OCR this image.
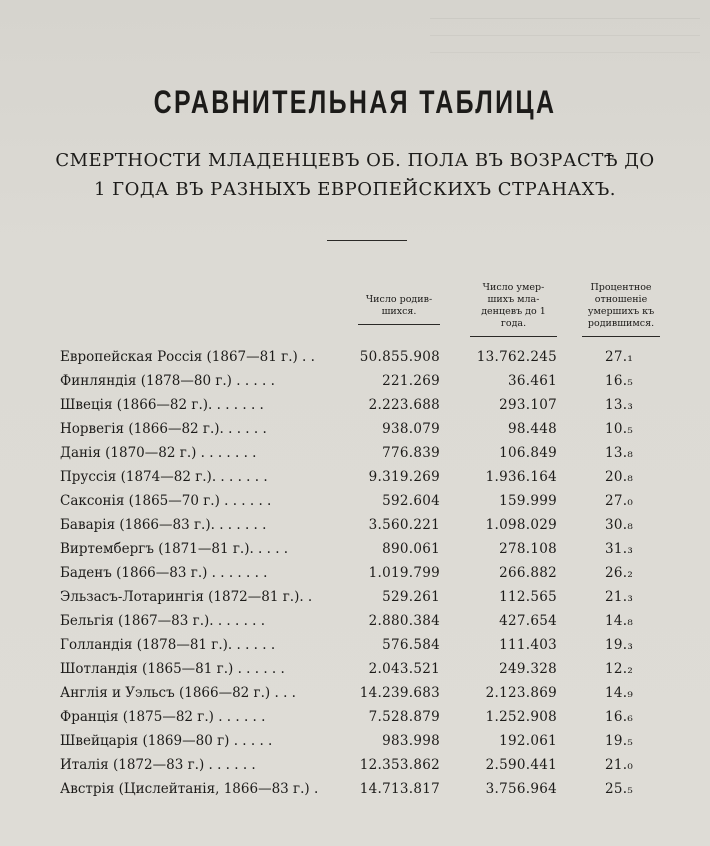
СРАВНИТЕЛЬНАЯ ТАБЛИЦА
СМЕРТНОСТИ МЛАДЕНЦЕВЪ ОБ. ПОЛА ВЪ ВОЗРАСТѢ ДО
1 ГОДА ВЪ РАЗНЫХЪ ЕВРОПЕЙСКИХЪ СТРАНАХЪ.
Число родив-
шихся.
Число умер-
шихъ мла-
денцевъ до 1
года.
Процентное
отношеніе
умершихъ къ
родившимся.
Европейская Россія (1867—81 г.) . .	50.855.908	13.762.245	27.₁
Финляндія (1878—80 г.) . . . . .	221.269	36.461	16.₅
Швеція (1866—82 г.). . . . . . .	2.223.688	293.107	13.₃
Норвегія (1866—82 г.). . . . . .	938.079	98.448	10.₅
Данія (1870—82 г.) . . . . . . .	776.839	106.849	13.₈
Пруссія (1874—82 г.). . . . . . .	9.319.269	1.936.164	20.₈
Саксонія (1865—70 г.) . . . . . .	592.604	159.999	27.₀
Баварія (1866—83 г.). . . . . . .	3.560.221	1.098.029	30.₈
Виртембергъ (1871—81 г.). . . . .	890.061	278.108	31.₃
Баденъ (1866—83 г.) . . . . . . .	1.019.799	266.882	26.₂
Эльзасъ-Лотарингія (1872—81 г.). .	529.261	112.565	21.₃
Бельгія (1867—83 г.). . . . . . .	2.880.384	427.654	14.₈
Голландія (1878—81 г.). . . . . .	576.584	111.403	19.₃
Шотландія (1865—81 г.) . . . . . .	2.043.521	249.328	12.₂
Англія и Уэльсъ (1866—82 г.) . . .	14.239.683	2.123.869	14.₉
Франція (1875—82 г.) . . . . . .	7.528.879	1.252.908	16.₆
Швейцарія (1869—80 г) . . . . .	983.998	192.061	19.₅
Италія (1872—83 г.) . . . . . .	12.353.862	2.590.441	21.₀
Австрія (Цислейтанія, 1866—83 г.) .	14.713.817	3.756.964	25.₅
